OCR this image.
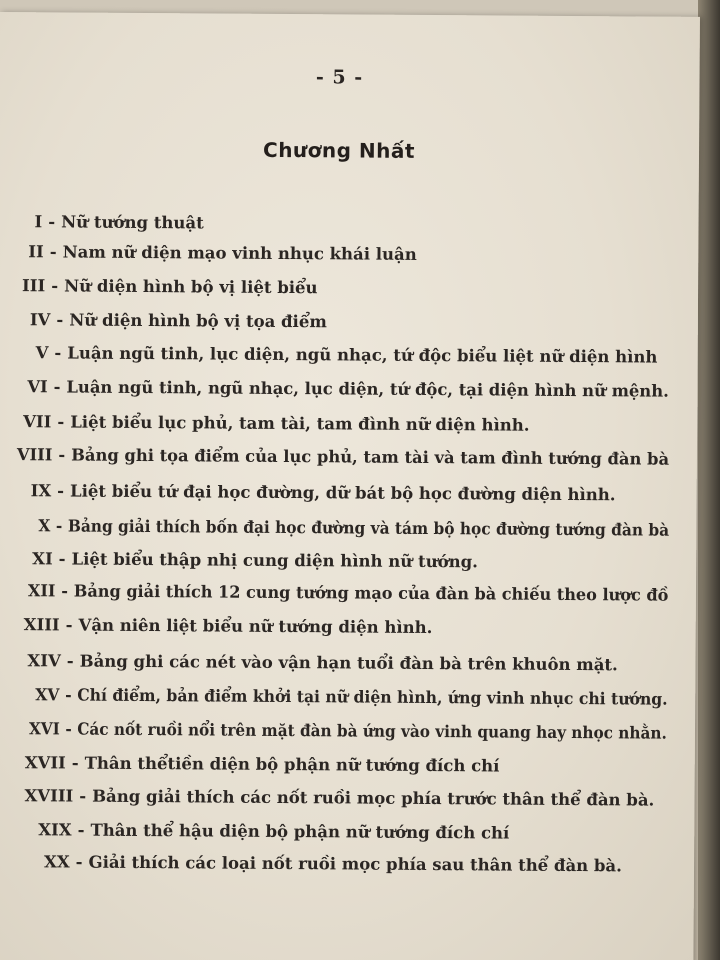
- 5 -
Chương Nhất
I - Nữ tướng thuật
II - Nam nữ diện mạo vinh nhục khái luận
III - Nữ diện hình bộ vị liệt biểu
IV - Nữ diện hình bộ vị tọa điểm
V - Luận ngũ tinh, lục diện, ngũ nhạc, tứ độc biểu liệt nữ diện hình
VI - Luận ngũ tinh, ngũ nhạc, lục diện, tứ độc, tại diện hình nữ mệnh.
VII - Liệt biểu lục phủ, tam tài, tam đình nữ diện hình.
VIII - Bảng ghi tọa điểm của lục phủ, tam tài và tam đình tướng đàn bà
IX - Liệt biểu tứ đại học đường, dữ bát bộ học đường diện hình.
X - Bảng giải thích bốn đại học đường và tám bộ học đường tướng đàn bà
XI - Liệt biểu thập nhị cung diện hình nữ tướng.
XII - Bảng giải thích 12 cung tướng mạo của đàn bà chiếu theo lược đồ
XIII - Vận niên liệt biểu nữ tướng diện hình.
XIV - Bảng ghi các nét vào vận hạn tuổi đàn bà trên khuôn mặt.
XV - Chí điểm, bản điểm khởi tại nữ diện hình, ứng vinh nhục chi tướng.
XVI - Các nốt ruồi nổi trên mặt đàn bà ứng vào vinh quang hay nhọc nhằn.
XVII - Thân thểtiền diện bộ phận nữ tướng đích chí
XVIII - Bảng giải thích các nốt ruồi mọc phía trước thân thể đàn bà.
XIX - Thân thể hậu diện bộ phận nữ tướng đích chí
XX - Giải thích các loại nốt ruồi mọc phía sau thân thể đàn bà.
